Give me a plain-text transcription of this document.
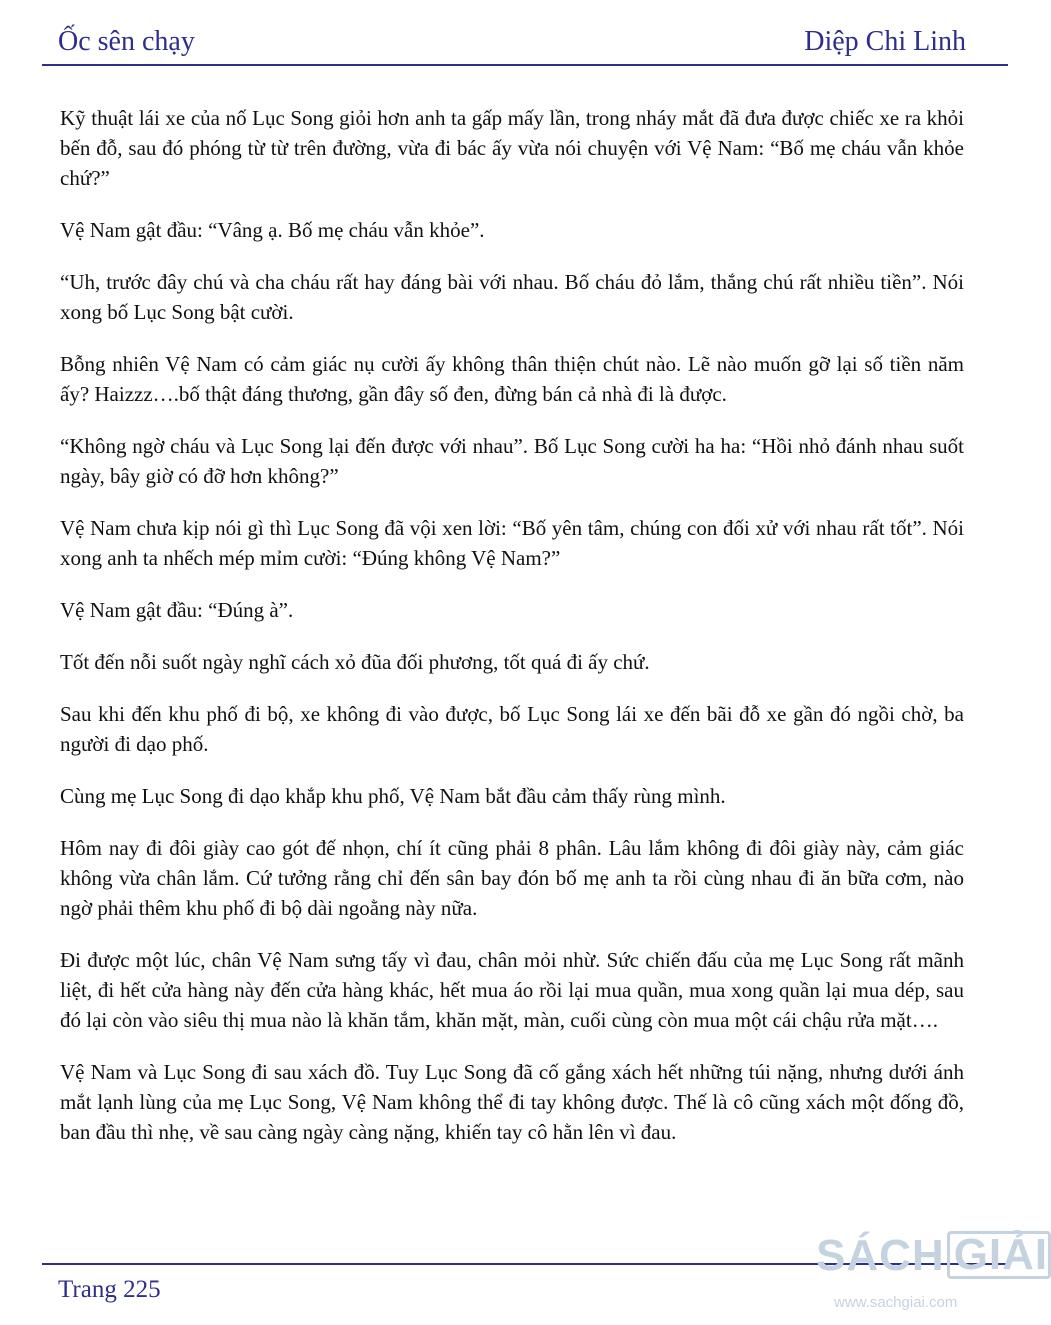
Ốc sên chạy	Diệp Chi Linh

Kỹ thuật lái xe của nố Lục Song giỏi hơn anh ta gấp mấy lần, trong nháy mắt đã đưa được chiếc xe ra khỏi bến đỗ, sau đó phóng từ từ trên đường, vừa đi bác ấy vừa nói chuyện với Vệ Nam: “Bố mẹ cháu vẫn khỏe chứ?”

Vệ Nam gật đầu: “Vâng ạ. Bố mẹ cháu vẫn khỏe”.

“Uh, trước đây chú và cha cháu rất hay đáng bài với nhau. Bố cháu đỏ lắm, thắng chú rất nhiều tiền”. Nói xong bố Lục Song bật cười.

Bỗng nhiên Vệ Nam có cảm giác nụ cười ấy không thân thiện chút nào. Lẽ nào muốn gỡ lại số tiền năm ấy? Haizzz….bố thật đáng thương, gần đây số đen, đừng bán cả nhà đi là được.

“Không ngờ cháu và Lục Song lại đến được với nhau”. Bố Lục Song cười ha ha: “Hồi nhỏ đánh nhau suốt ngày, bây giờ có đỡ hơn không?”

Vệ Nam chưa kịp nói gì thì Lục Song đã vội xen lời: “Bố yên tâm, chúng con đối xử với nhau rất tốt”. Nói xong anh ta nhếch mép mỉm cười: “Đúng không Vệ Nam?”

Vệ Nam gật đầu: “Đúng à”.

Tốt đến nỗi suốt ngày nghĩ cách xỏ đũa đối phương, tốt quá đi ấy chứ.

Sau khi đến khu phố đi bộ, xe không đi vào được, bố Lục Song lái xe đến bãi đỗ xe gần đó ngồi chờ, ba người đi dạo phố.

Cùng mẹ Lục Song đi dạo khắp khu phố, Vệ Nam bắt đầu cảm thấy rùng mình.

Hôm nay đi đôi giày cao gót đế nhọn, chí ít cũng phải 8 phân. Lâu lắm không đi đôi giày này, cảm giác không vừa chân lắm. Cứ tưởng rằng chỉ đến sân bay đón bố mẹ anh ta rồi cùng nhau đi ăn bữa cơm, nào ngờ phải thêm khu phố đi bộ dài ngoằng này nữa.

Đi được một lúc, chân Vệ Nam sưng tấy vì đau, chân mỏi nhừ. Sức chiến đấu của mẹ Lục Song rất mãnh liệt, đi hết cửa hàng này đến cửa hàng khác, hết mua áo rồi lại mua quần, mua xong quần lại mua dép, sau đó lại còn vào siêu thị mua nào là khăn tắm, khăn mặt, màn, cuối cùng còn mua một cái chậu rửa mặt….

Vệ Nam và Lục Song đi sau xách đồ. Tuy Lục Song đã cố gắng xách hết những túi nặng, nhưng dưới ánh mắt lạnh lùng của mẹ Lục Song, Vệ Nam không thể đi tay không được. Thế là cô cũng xách một đống đồ, ban đầu thì nhẹ, về sau càng ngày càng nặng, khiến tay cô hằn lên vì đau.

Trang 225
SÁCH GIẢI
www.sachgiai.com
